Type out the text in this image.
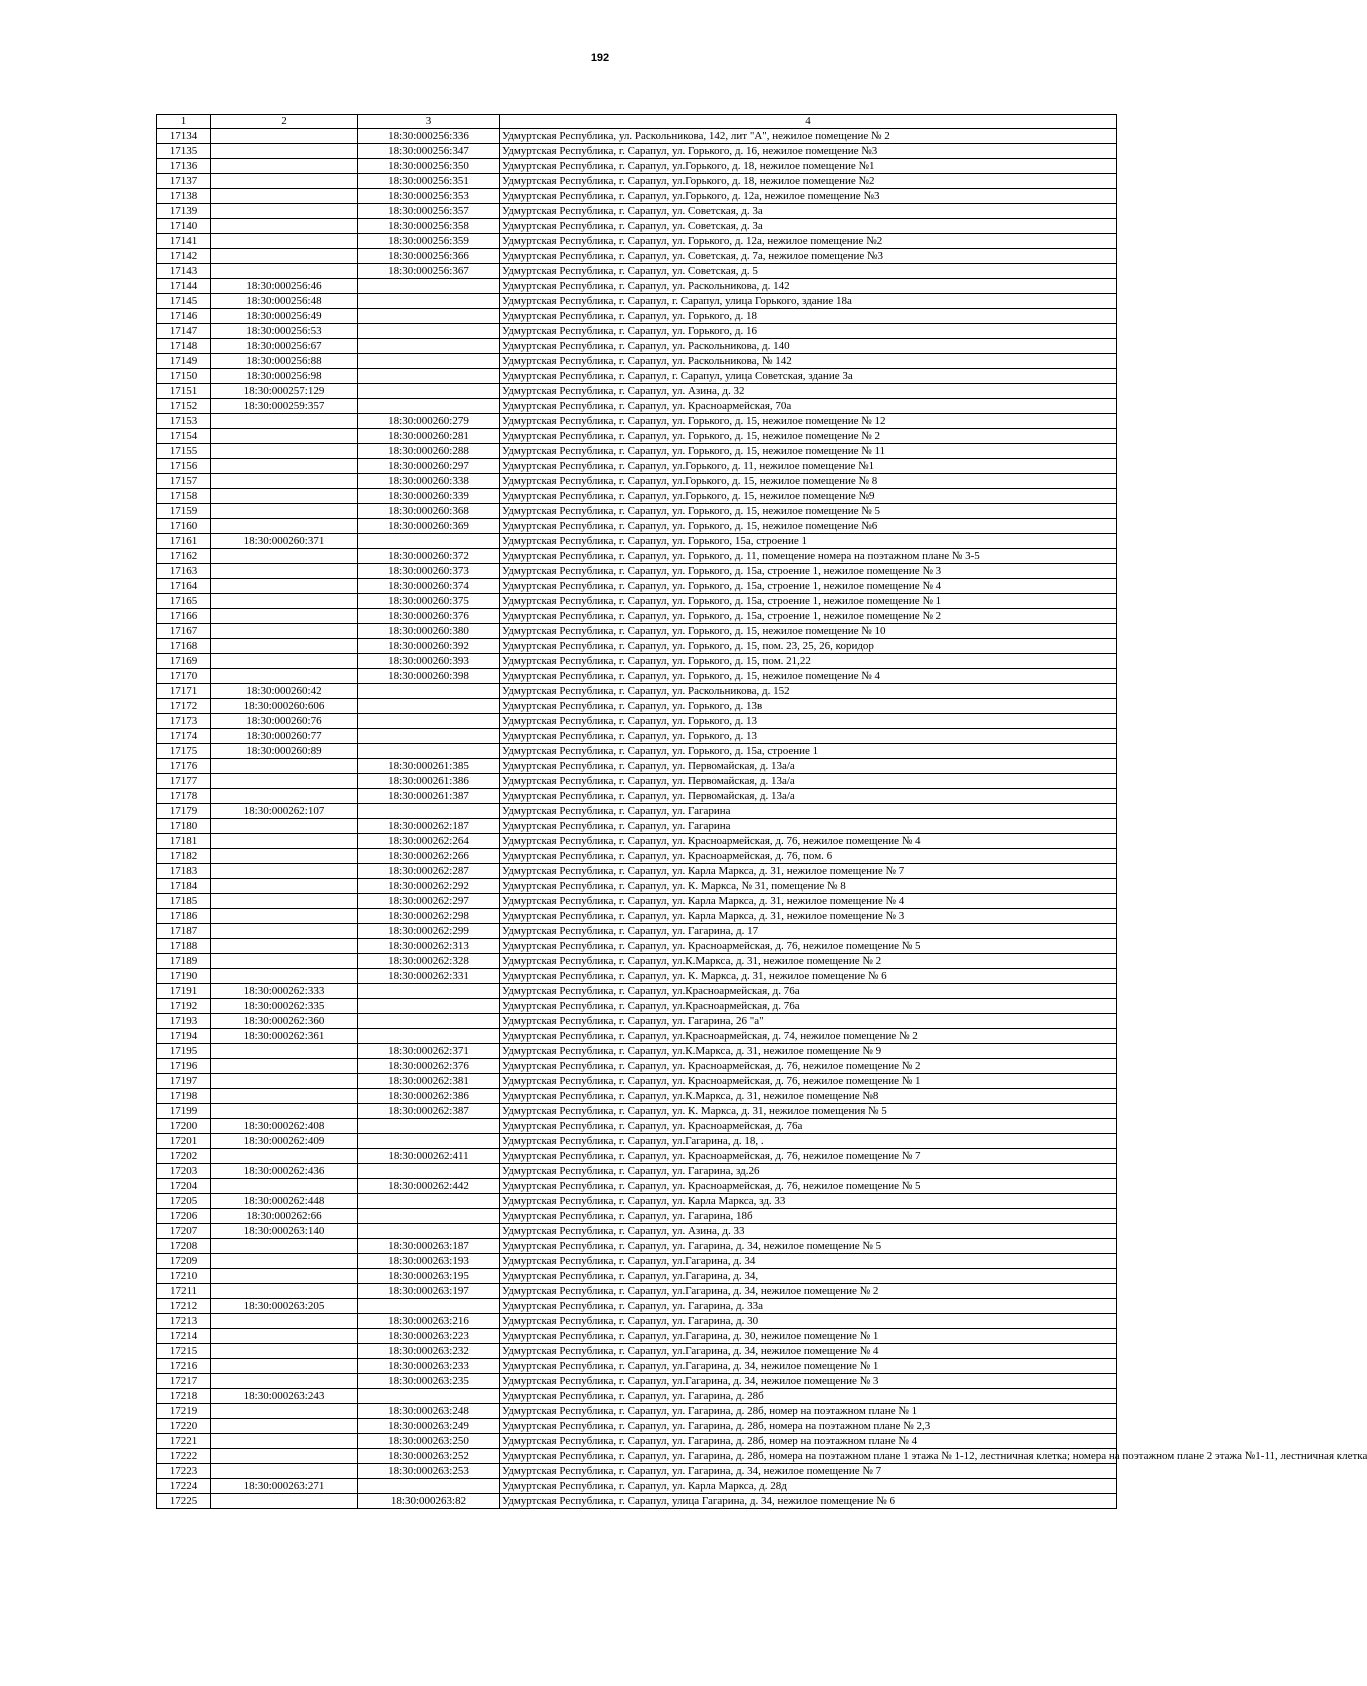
192
1	2	3	4
17134		18:30:000256:336	Удмуртская Республика, ул. Раскольникова, 142, лит "А", нежилое помещение № 2
17135		18:30:000256:347	Удмуртская Республика, г. Сарапул, ул. Горького, д. 16, нежилое помещение №3
17136		18:30:000256:350	Удмуртская Республика, г. Сарапул, ул.Горького, д. 18, нежилое помещение №1
17137		18:30:000256:351	Удмуртская Республика, г. Сарапул, ул.Горького, д. 18, нежилое помещение №2
17138		18:30:000256:353	Удмуртская Республика, г. Сарапул, ул.Горького, д. 12а, нежилое помещение №3
17139		18:30:000256:357	Удмуртская Республика, г. Сарапул, ул. Советская, д. 3а
17140		18:30:000256:358	Удмуртская Республика, г. Сарапул, ул. Советская, д. 3а
17141		18:30:000256:359	Удмуртская Республика, г. Сарапул, ул. Горького, д. 12а, нежилое помещение №2
17142		18:30:000256:366	Удмуртская Республика, г. Сарапул, ул. Советская, д. 7а, нежилое помещение №3
17143		18:30:000256:367	Удмуртская Республика, г. Сарапул, ул. Советская, д. 5
17144	18:30:000256:46		Удмуртская Республика, г. Сарапул, ул. Раскольникова, д. 142
17145	18:30:000256:48		Удмуртская Республика, г. Сарапул, г. Сарапул, улица Горького, здание 18а
17146	18:30:000256:49		Удмуртская Республика, г. Сарапул, ул. Горького, д. 18
17147	18:30:000256:53		Удмуртская Республика, г. Сарапул, ул. Горького, д. 16
17148	18:30:000256:67		Удмуртская Республика, г. Сарапул, ул. Раскольникова, д. 140
17149	18:30:000256:88		Удмуртская Республика, г. Сарапул, ул. Раскольникова, № 142
17150	18:30:000256:98		Удмуртская Республика, г. Сарапул, г. Сарапул, улица Советская, здание 3а
17151	18:30:000257:129		Удмуртская Республика, г. Сарапул, ул. Азина, д. 32
17152	18:30:000259:357		Удмуртская Республика, г. Сарапул, ул. Красноармейская, 70а
17153		18:30:000260:279	Удмуртская Республика, г. Сарапул, ул. Горького, д. 15, нежилое помещение № 12
17154		18:30:000260:281	Удмуртская Республика, г. Сарапул, ул. Горького, д. 15, нежилое помещение № 2
17155		18:30:000260:288	Удмуртская Республика, г. Сарапул, ул. Горького, д. 15, нежилое помещение № 11
17156		18:30:000260:297	Удмуртская Республика, г. Сарапул, ул.Горького, д. 11, нежилое помещение №1
17157		18:30:000260:338	Удмуртская Республика, г. Сарапул, ул.Горького, д. 15, нежилое помещение № 8
17158		18:30:000260:339	Удмуртская Республика, г. Сарапул, ул.Горького, д. 15, нежилое помещение №9
17159		18:30:000260:368	Удмуртская Республика, г. Сарапул, ул. Горького, д. 15, нежилое помещение № 5
17160		18:30:000260:369	Удмуртская Республика, г. Сарапул, ул. Горького, д. 15, нежилое помещение №6
17161	18:30:000260:371		Удмуртская Республика, г. Сарапул, ул. Горького, 15а, строение 1
17162		18:30:000260:372	Удмуртская Республика, г. Сарапул, ул. Горького, д. 11, помещение номера на поэтажном плане № 3-5
17163		18:30:000260:373	Удмуртская Республика, г. Сарапул, ул. Горького, д. 15а, строение 1, нежилое помещение № 3
17164		18:30:000260:374	Удмуртская Республика, г. Сарапул, ул. Горького, д. 15а, строение 1, нежилое помещение № 4
17165		18:30:000260:375	Удмуртская Республика, г. Сарапул, ул. Горького, д. 15а, строение 1, нежилое помещение № 1
17166		18:30:000260:376	Удмуртская Республика, г. Сарапул, ул. Горького, д. 15а, строение 1, нежилое помещение № 2
17167		18:30:000260:380	Удмуртская Республика, г. Сарапул, ул. Горького, д. 15, нежилое помещение № 10
17168		18:30:000260:392	Удмуртская Республика, г. Сарапул, ул. Горького, д. 15, пом. 23, 25, 26, коридор
17169		18:30:000260:393	Удмуртская Республика, г. Сарапул, ул. Горького, д. 15, пом. 21,22
17170		18:30:000260:398	Удмуртская Республика, г. Сарапул, ул. Горького, д. 15, нежилое помещение № 4
17171	18:30:000260:42		Удмуртская Республика, г. Сарапул, ул. Раскольникова, д. 152
17172	18:30:000260:606		Удмуртская Республика, г. Сарапул, ул. Горького, д. 13в
17173	18:30:000260:76		Удмуртская Республика, г. Сарапул, ул. Горького, д. 13
17174	18:30:000260:77		Удмуртская Республика, г. Сарапул, ул. Горького, д. 13
17175	18:30:000260:89		Удмуртская Республика, г. Сарапул, ул. Горького, д. 15а, строение 1
17176		18:30:000261:385	Удмуртская Республика, г. Сарапул, ул. Первомайская, д. 13а/а
17177		18:30:000261:386	Удмуртская Республика, г. Сарапул, ул. Первомайская, д. 13а/а
17178		18:30:000261:387	Удмуртская Республика, г. Сарапул, ул. Первомайская, д. 13а/а
17179	18:30:000262:107		Удмуртская Республика, г. Сарапул, ул. Гагарина
17180		18:30:000262:187	Удмуртская Республика, г. Сарапул, ул. Гагарина
17181		18:30:000262:264	Удмуртская Республика, г. Сарапул, ул. Красноармейская, д. 76, нежилое помещение № 4
17182		18:30:000262:266	Удмуртская Республика, г. Сарапул, ул. Красноармейская, д. 76, пом. 6
17183		18:30:000262:287	Удмуртская Республика, г. Сарапул, ул. Карла Маркса, д. 31, нежилое помещение № 7
17184		18:30:000262:292	Удмуртская Республика, г. Сарапул, ул. К. Маркса, № 31, помещение № 8
17185		18:30:000262:297	Удмуртская Республика, г. Сарапул, ул. Карла Маркса, д. 31, нежилое помещение № 4
17186		18:30:000262:298	Удмуртская Республика, г. Сарапул, ул. Карла Маркса, д. 31, нежилое помещение № 3
17187		18:30:000262:299	Удмуртская Республика, г. Сарапул, ул. Гагарина, д. 17
17188		18:30:000262:313	Удмуртская Республика, г. Сарапул, ул. Красноармейская, д. 76, нежилое помещение № 5
17189		18:30:000262:328	Удмуртская Республика, г. Сарапул, ул.К.Маркса, д. 31, нежилое помещение № 2
17190		18:30:000262:331	Удмуртская Республика, г. Сарапул, ул. К. Маркса, д. 31, нежилое помещение № 6
17191	18:30:000262:333		Удмуртская Республика, г. Сарапул, ул.Красноармейская, д. 76а
17192	18:30:000262:335		Удмуртская Республика, г. Сарапул, ул.Красноармейская, д. 76а
17193	18:30:000262:360		Удмуртская Республика, г. Сарапул, ул. Гагарина, 26 "а"
17194	18:30:000262:361		Удмуртская Республика, г. Сарапул, ул.Красноармейская, д. 74, нежилое помещение № 2
17195		18:30:000262:371	Удмуртская Республика, г. Сарапул, ул.К.Маркса, д. 31, нежилое помещение № 9
17196		18:30:000262:376	Удмуртская Республика, г. Сарапул, ул. Красноармейская, д. 76, нежилое помещение № 2
17197		18:30:000262:381	Удмуртская Республика, г. Сарапул, ул. Красноармейская, д. 76, нежилое помещение № 1
17198		18:30:000262:386	Удмуртская Республика, г. Сарапул, ул.К.Маркса, д. 31, нежилое помещение №8
17199		18:30:000262:387	Удмуртская Республика, г. Сарапул, ул. К. Маркса, д. 31, нежилое помещения № 5
17200	18:30:000262:408		Удмуртская Республика, г. Сарапул, ул. Красноармейская, д. 76а
17201	18:30:000262:409		Удмуртская Республика, г. Сарапул, ул.Гагарина, д. 18, .
17202		18:30:000262:411	Удмуртская Республика, г. Сарапул, ул. Красноармейская, д. 76, нежилое помещение № 7
17203	18:30:000262:436		Удмуртская Республика, г. Сарапул, ул. Гагарина, зд.26
17204		18:30:000262:442	Удмуртская Республика, г. Сарапул, ул. Красноармейская, д. 76, нежилое помещение № 5
17205	18:30:000262:448		Удмуртская Республика, г. Сарапул, ул. Карла Маркса, зд. 33
17206	18:30:000262:66		Удмуртская Республика, г. Сарапул, ул. Гагарина, 18б
17207	18:30:000263:140		Удмуртская Республика, г. Сарапул, ул. Азина, д. 33
17208		18:30:000263:187	Удмуртская Республика, г. Сарапул, ул. Гагарина, д. 34, нежилое помещение № 5
17209		18:30:000263:193	Удмуртская Республика, г. Сарапул, ул.Гагарина, д. 34
17210		18:30:000263:195	Удмуртская Республика, г. Сарапул, ул.Гагарина, д. 34,
17211		18:30:000263:197	Удмуртская Республика, г. Сарапул, ул.Гагарина, д. 34, нежилое помещение № 2
17212	18:30:000263:205		Удмуртская Республика, г. Сарапул, ул. Гагарина, д. 33а
17213		18:30:000263:216	Удмуртская Республика, г. Сарапул, ул. Гагарина, д. 30
17214		18:30:000263:223	Удмуртская Республика, г. Сарапул, ул.Гагарина, д. 30, нежилое помещение № 1
17215		18:30:000263:232	Удмуртская Республика, г. Сарапул, ул.Гагарина, д. 34, нежилое помещение № 4
17216		18:30:000263:233	Удмуртская Республика, г. Сарапул, ул.Гагарина, д. 34, нежилое помещение № 1
17217		18:30:000263:235	Удмуртская Республика, г. Сарапул, ул.Гагарина, д. 34, нежилое помещение № 3
17218	18:30:000263:243		Удмуртская Республика, г. Сарапул, ул. Гагарина, д. 28б
17219		18:30:000263:248	Удмуртская Республика, г. Сарапул, ул. Гагарина, д. 28б, номер на поэтажном плане № 1
17220		18:30:000263:249	Удмуртская Республика, г. Сарапул, ул. Гагарина, д. 28б, номера на поэтажном плане № 2,3
17221		18:30:000263:250	Удмуртская Республика, г. Сарапул, ул. Гагарина, д. 28б, номер на поэтажном плане № 4
17222		18:30:000263:252	Удмуртская Республика, г. Сарапул, ул. Гагарина, д. 28б, номера на поэтажном плане 1 этажа № 1-12, лестничная клетка; номера на поэтажном плане 2 этажа №1-11, лестничная клетка
17223		18:30:000263:253	Удмуртская Республика, г. Сарапул, ул. Гагарина, д. 34, нежилое помещение № 7
17224	18:30:000263:271		Удмуртская Республика, г. Сарапул, ул. Карла Маркса, д. 28д
17225		18:30:000263:82	Удмуртская Республика, г. Сарапул, улица Гагарина, д. 34, нежилое помещение № 6
